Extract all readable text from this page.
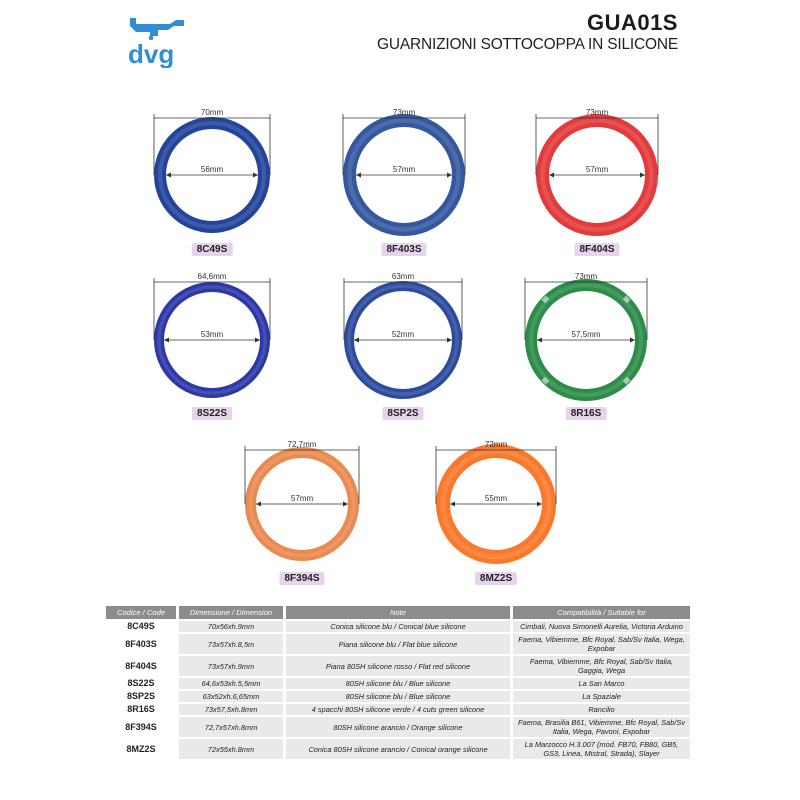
dvg
GUA01S
GUARNIZIONI SOTTOCOPPA IN SILICONE
70mm
56mm
8C49S
73mm
57mm
8F403S
73mm
57mm
8F404S
64,6mm
53mm
8S22S
63mm
52mm
8SP2S
73mm
57,5mm
8R16S
72,7mm
57mm
8F394S
72mm
55mm
8MZ2S
Codice / Code	Dimensione / Dimension	Note	Compatibilità / Suitable for
8C49S	70x56xh.9mm	Conica silicone blu / Conical blue silicone	Cimbali, Nuova Simonelli Aurelia, Victoria Arduino
8F403S	73x57xh.8,5m	Piana silicone blu / Flat blue silicone	Faema, Vibiemme, Bfc Royal, Sab/Sv Italia, Wega, Expobar
8F404S	73x57xh.9mm	Piana 80SH silicone rosso / Flat red silicone	Faema, Vibiemme, Bfc Royal, Sab/Sv Italia, Gaggia, Wega
8S22S	64,6x53xh.5,5mm	80SH silicone blu / Blue silicone	La San Marco
8SP2S	63x52xh.6,65mm	80SH silicone blu / Blue silicone	La Spaziale
8R16S	73x57,5xh.8mm	4 spacchi 80SH silicone verde / 4 cuts green silicone	Rancilio
8F394S	72,7x57xh.8mm	80SH silicone arancio / Orange silicone	Faema, Brasilia B61, Vibiemme, Bfc Royal, Sab/Sv Italia, Wega, Pavoni, Expobar
8MZ2S	72x55xh.8mm	Conica 80SH silicone arancio / Conical orange silicone	La Marzocco H.3.007 (mod. FB70, FB80, GB5, GS3, Linea, Mistral, Strada), Slayer
